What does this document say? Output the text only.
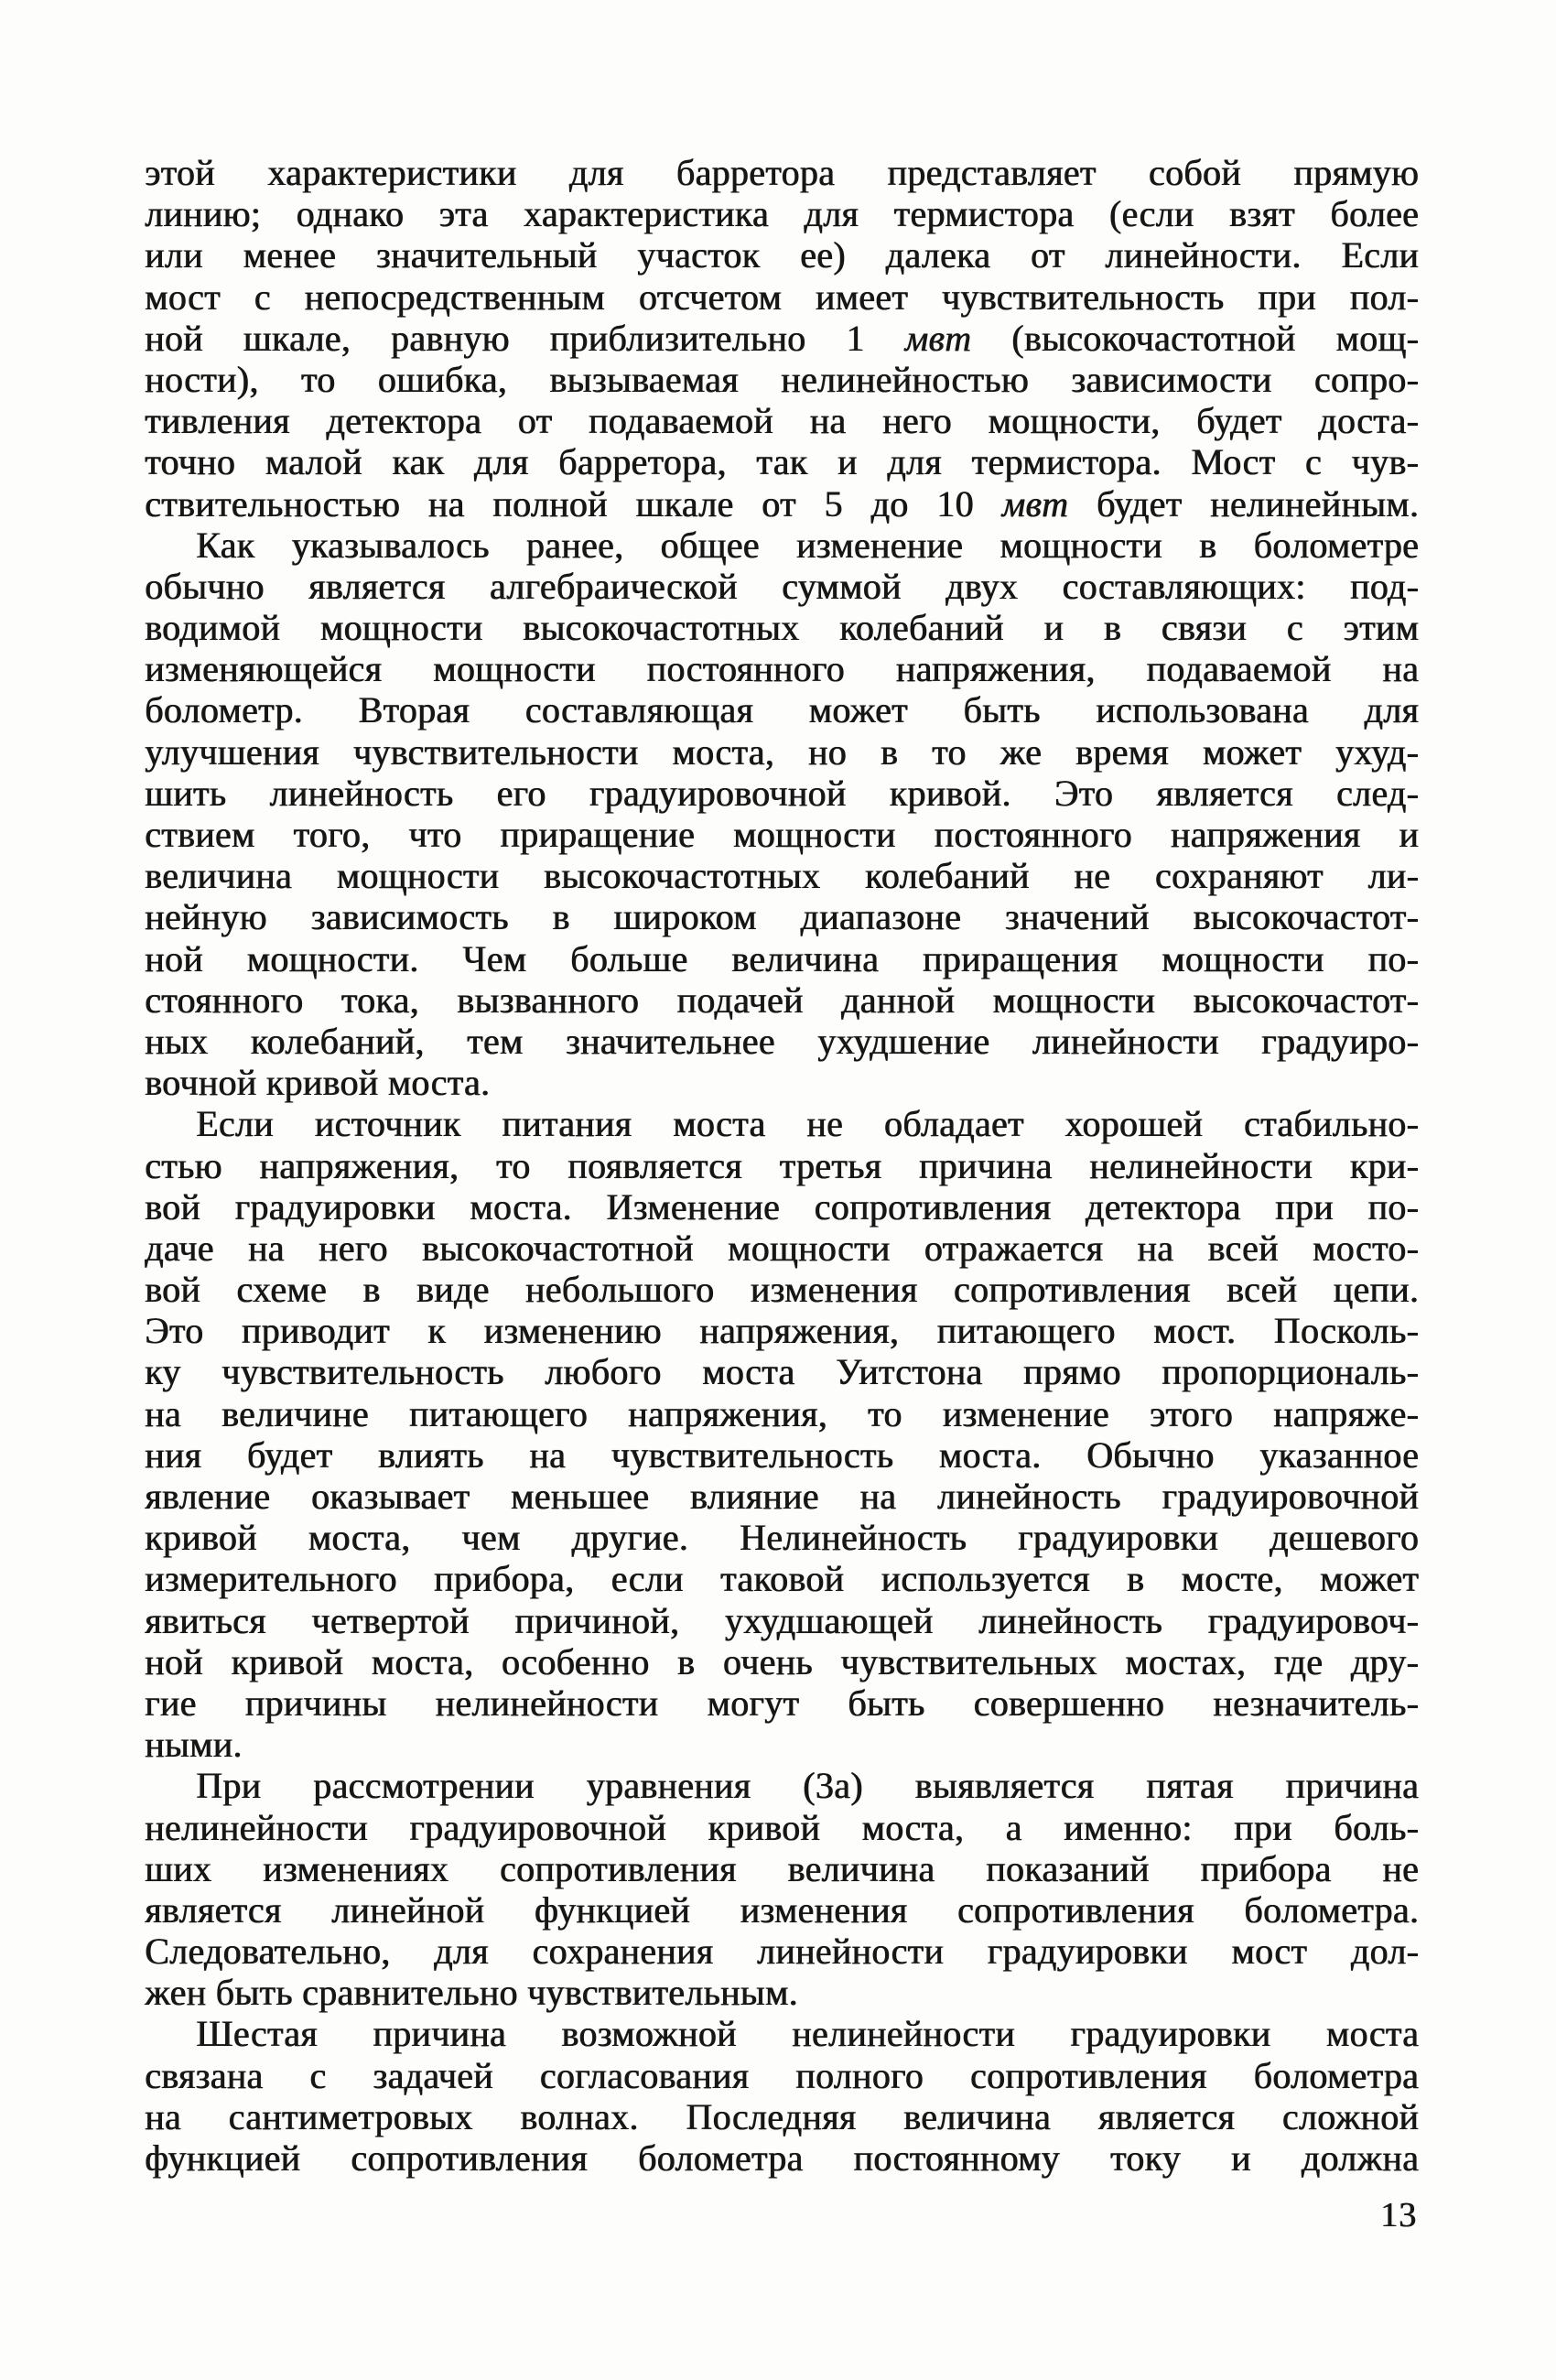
этой характеристики для барретора представляет собой прямую
линию; однако эта характеристика для термистора (если взят более
или менее значительный участок ее) далека от линейности. Если
мост с непосредственным отсчетом имеет чувствительность при пол-
ной шкале, равную приблизительно 1 мвт (высокочастотной мощ-
ности), то ошибка, вызываемая нелинейностью зависимости сопро-
тивления детектора от подаваемой на него мощности, будет доста-
точно малой как для барретора, так и для термистора. Мост с чув-
ствительностью на полной шкале от 5 до 10 мвт будет нелинейным.
Как указывалось ранее, общее изменение мощности в болометре
обычно является алгебраической суммой двух составляющих: под-
водимой мощности высокочастотных колебаний и в связи с этим
изменяющейся мощности постоянного напряжения, подаваемой на
болометр. Вторая составляющая может быть использована для
улучшения чувствительности моста, но в то же время может ухуд-
шить линейность его градуировочной кривой. Это является след-
ствием того, что приращение мощности постоянного напряжения и
величина мощности высокочастотных колебаний не сохраняют ли-
нейную зависимость в широком диапазоне значений высокочастот-
ной мощности. Чем больше величина приращения мощности по-
стоянного тока, вызванного подачей данной мощности высокочастот-
ных колебаний, тем значительнее ухудшение линейности градуиро-
вочной кривой моста.
Если источник питания моста не обладает хорошей стабильно-
стью напряжения, то появляется третья причина нелинейности кри-
вой градуировки моста. Изменение сопротивления детектора при по-
даче на него высокочастотной мощности отражается на всей мосто-
вой схеме в виде небольшого изменения сопротивления всей цепи.
Это приводит к изменению напряжения, питающего мост. Посколь-
ку чувствительность любого моста Уитстона прямо пропорциональ-
на величине питающего напряжения, то изменение этого напряже-
ния будет влиять на чувствительность моста. Обычно указанное
явление оказывает меньшее влияние на линейность градуировочной
кривой моста, чем другие. Нелинейность градуировки дешевого
измерительного прибора, если таковой используется в мосте, может
явиться четвертой причиной, ухудшающей линейность градуировоч-
ной кривой моста, особенно в очень чувствительных мостах, где дру-
гие причины нелинейности могут быть совершенно незначитель-
ными.
При рассмотрении уравнения (3а) выявляется пятая причина
нелинейности градуировочной кривой моста, а именно: при боль-
ших изменениях сопротивления величина показаний прибора не
является линейной функцией изменения сопротивления болометра.
Следовательно, для сохранения линейности градуировки мост дол-
жен быть сравнительно чувствительным.
Шестая причина возможной нелинейности градуировки моста
связана с задачей согласования полного сопротивления болометра
на сантиметровых волнах. Последняя величина является сложной
функцией сопротивления болометра постоянному току и должна
13
